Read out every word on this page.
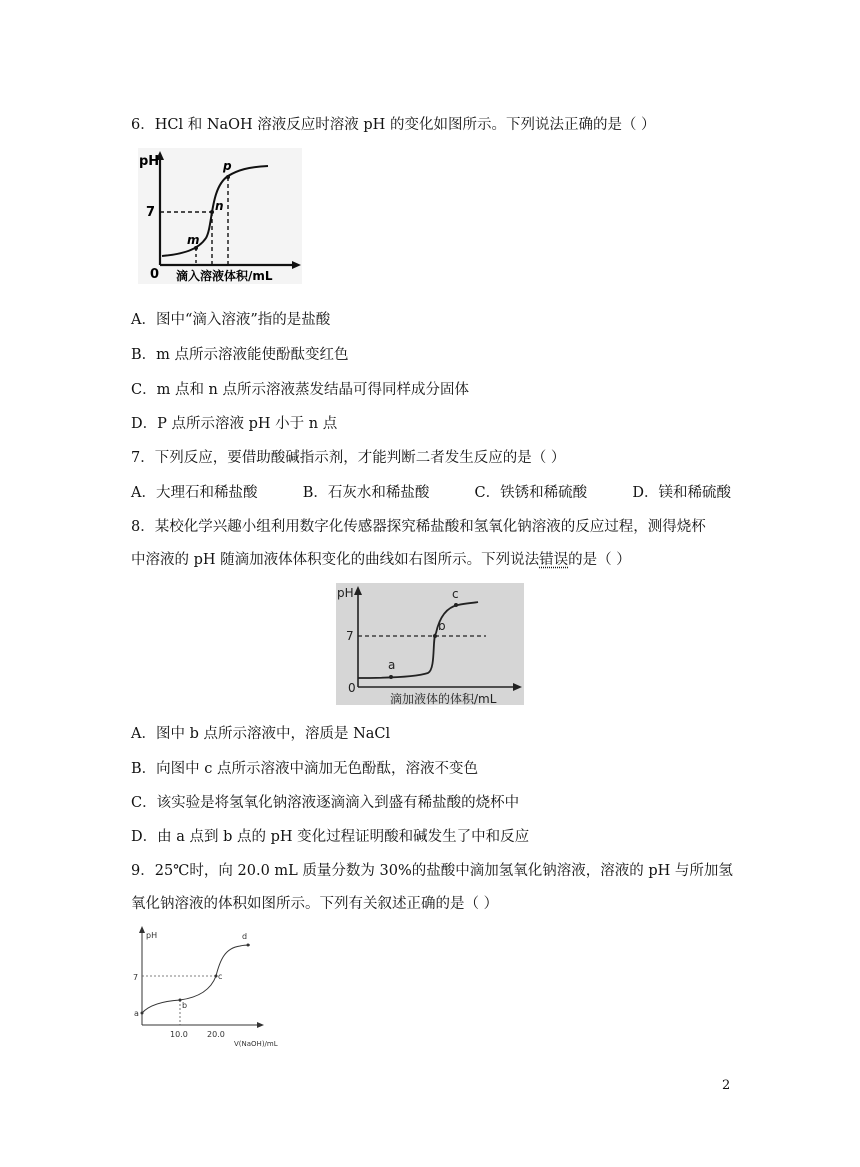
6．HCl 和 NaOH 溶液反应时溶液 pH 的变化如图所示。下列说法正确的是（ ）
pH
7
0 滴入溶液体积/mL
m
n
p
A．图中“滴入溶液”指的是盐酸
B．m 点所示溶液能使酚酞变红色
C．m 点和 n 点所示溶液蒸发结晶可得同样成分固体
D．P 点所示溶液 pH 小于 n 点
7．下列反应，要借助酸碱指示剂，才能判断二者发生反应的是（ ）
A．大理石和稀盐酸	B．石灰水和稀盐酸	C．铁锈和稀硫酸	D．镁和稀硫酸
8．某校化学兴趣小组利用数字化传感器探究稀盐酸和氢氧化钠溶液的反应过程，测得烧杯
中溶液的 pH 随滴加液体体积变化的曲线如右图所示。下列说法错误的是（ ）
pH
7
0
滴加液体的体积/mL
a
b
c
A．图中 b 点所示溶液中，溶质是 NaCl
B．向图中 c 点所示溶液中滴加无色酚酞，溶液不变色
C．该实验是将氢氧化钠溶液逐滴滴入到盛有稀盐酸的烧杯中
D．由 a 点到 b 点的 pH 变化过程证明酸和碱发生了中和反应
9．25℃时，向 20.0 mL 质量分数为 30%的盐酸中滴加氢氧化钠溶液，溶液的 pH 与所加氢
氧化钠溶液的体积如图所示。下列有关叙述正确的是（ ）
pH
7
a
b
c
d
10.0 20.0
V(NaOH)/mL
2
